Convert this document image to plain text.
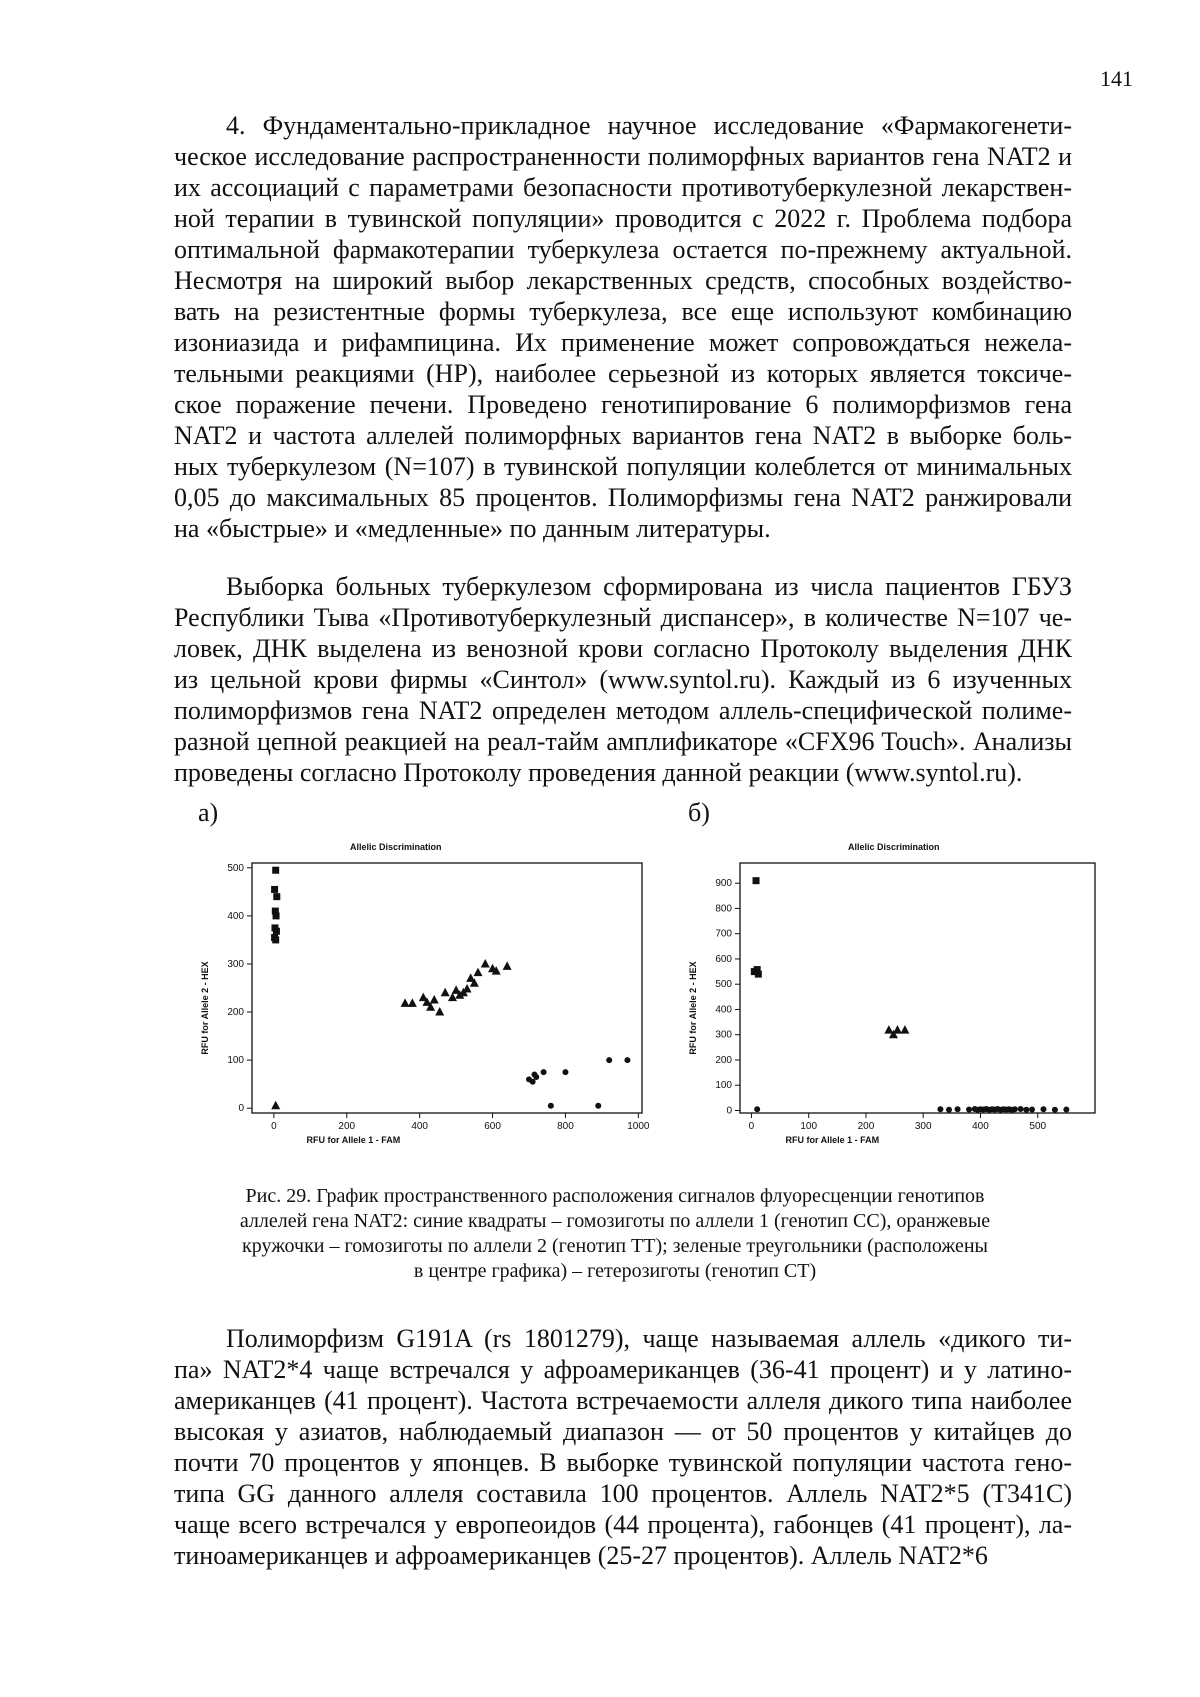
141

4. Фундаментально-прикладное научное исследование «Фармакогенети-
ческое исследование распространенности полиморфных вариантов гена NAT2 и
их ассоциаций с параметрами безопасности противотуберкулезной лекарствен-
ной терапии в тувинской популяции» проводится с 2022 г. Проблема подбора
оптимальной фармакотерапии туберкулеза остается по-прежнему актуальной.
Несмотря на широкий выбор лекарственных средств, способных воздейство-
вать на резистентные формы туберкулеза, все еще используют комбинацию
изониазида и рифампицина. Их применение может сопровождаться нежела-
тельными реакциями (НР), наиболее серьезной из которых является токсиче-
ское поражение печени. Проведено генотипирование 6 полиморфизмов гена
NAT2 и частота аллелей полиморфных вариантов гена NAT2 в выборке боль-
ных туберкулезом (N=107) в тувинской популяции колеблется от минимальных
0,05 до максимальных 85 процентов. Полиморфизмы гена NAT2 ранжировали
на «быстрые» и «медленные» по данным литературы.

Выборка больных туберкулезом сформирована из числа пациентов ГБУЗ
Республики Тыва «Противотуберкулезный диспансер», в количестве N=107 че-
ловек, ДНК выделена из венозной крови согласно Протоколу выделения ДНК
из цельной крови фирмы «Синтол» (www.syntol.ru). Каждый из 6 изученных
полиморфизмов гена NAT2 определен методом аллель-специфической полиме-
разной цепной реакцией на реал-тайм амплификаторе «CFX96 Touch». Анализы
проведены согласно Протоколу проведения данной реакции (www.syntol.ru).

а)	б)
Allelic Discrimination	Allelic Discrimination
0	200	400	600	800	1000
0
100
200
300
400
500
RFU for Allele 1 - FAM
RFU for Allele 2 - HEX
0	100	200	300	400	500
0
100
200
300
400
500
600
700
800
900
RFU for Allele 1 - FAM
RFU for Allele 2 - HEX
Рис. 29. График пространственного расположения сигналов флуоресценции генотипов
аллелей гена NAT2: синие квадраты – гомозиготы по аллели 1 (генотип СС), оранжевые
кружочки – гомозиготы по аллели 2 (генотип ТТ); зеленые треугольники (расположены
в центре графика) – гетерозиготы (генотип СТ)

Полиморфизм G191A (rs 1801279), чаще называемая аллель «дикого ти-
па» NAT2*4 чаще встречался у афроамериканцев (36-41 процент) и у латино-
американцев (41 процент). Частота встречаемости аллеля дикого типа наиболее
высокая у азиатов, наблюдаемый диапазон — от 50 процентов у китайцев до
почти 70 процентов у японцев. В выборке тувинской популяции частота гено-
типа GG данного аллеля составила 100 процентов. Аллель NAT2*5 (T341C)
чаще всего встречался у европеоидов (44 процента), габонцев (41 процент), ла-
тиноамериканцев и афроамериканцев (25-27 процентов). Аллель NAT2*6
